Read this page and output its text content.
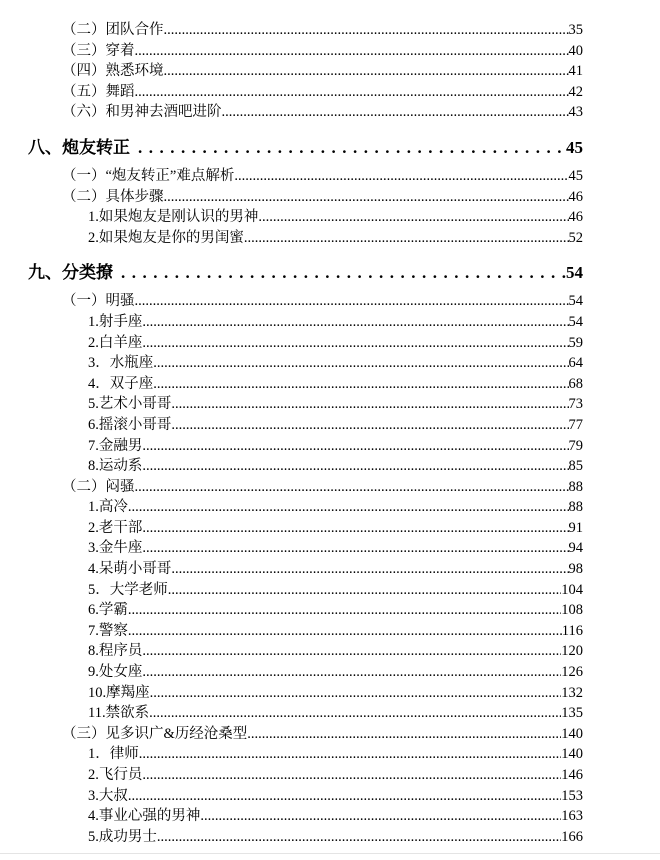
（二）团队合作 .....	35
（三）穿着 .....	40
（四）熟悉环境 .....	41
（五）舞蹈 .....	42
（六）和男神去酒吧进阶 .....	43
八、炮友转正 .....	45
（一）“炮友转正”难点解析 .....	45
（二）具体步骤 .....	46
1.如果炮友是刚认识的男神 .....	46
2.如果炮友是你的男闺蜜 .....	52
九、分类撩 .....	54
（一）明骚 .....	54
1.射手座 .....	54
2.白羊座 .....	59
3．水瓶座 .....	64
4．双子座 .....	68
5.艺术小哥哥 .....	73
6.摇滚小哥哥 .....	77
7.金融男 .....	79
8.运动系 .....	85
（二）闷骚 .....	88
1.高冷 .....	88
2.老干部 .....	91
3.金牛座 .....	94
4.呆萌小哥哥 .....	98
5．大学老师 .....	104
6.学霸 .....	108
7.警察 .....	116
8.程序员 .....	120
9.处女座 .....	126
10.摩羯座 .....	132
11.禁欲系 .....	135
（三）见多识广&历经沧桑型 .....	140
1．律师 .....	140
2.飞行员 .....	146
3.大叔 .....	153
4.事业心强的男神 .....	163
5.成功男士 .....	166
